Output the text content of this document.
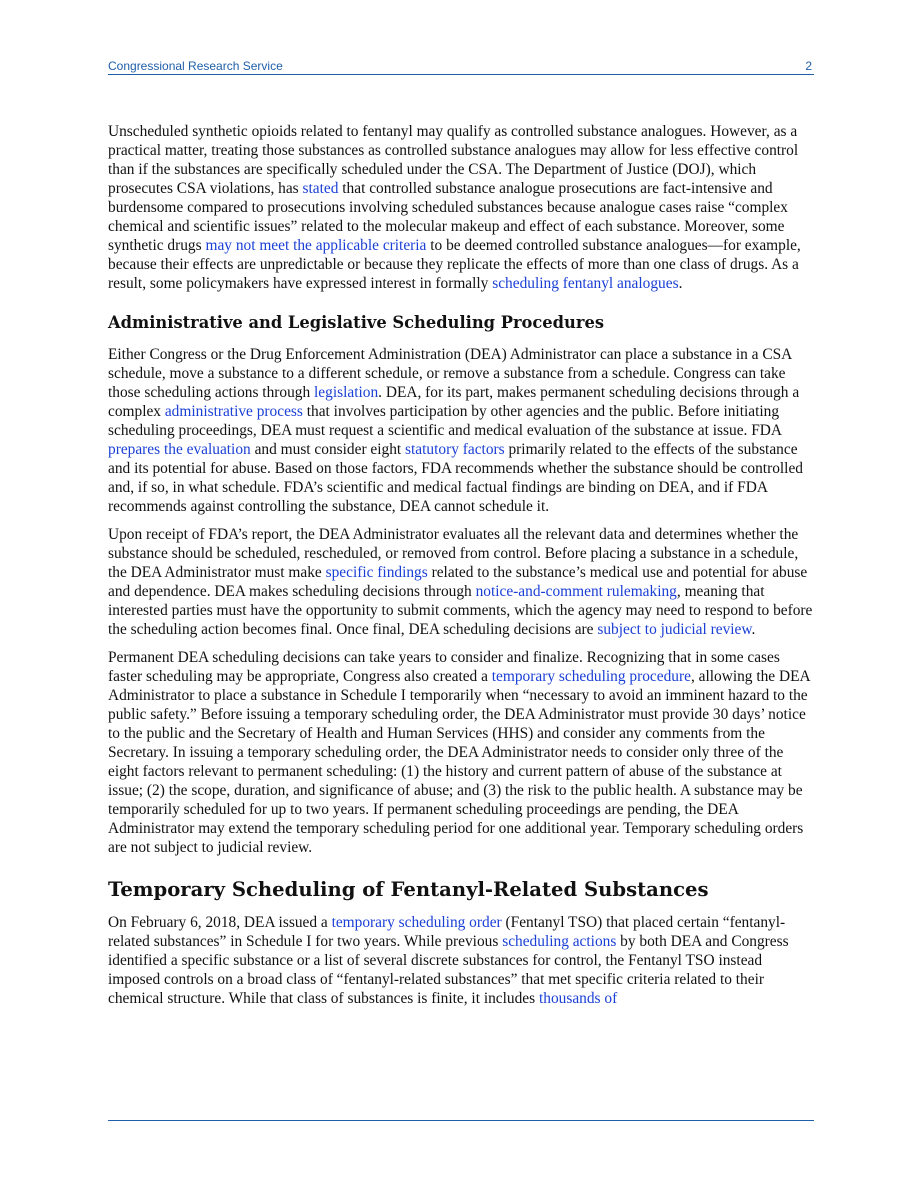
Congressional Research Service	2

Unscheduled synthetic opioids related to fentanyl may qualify as controlled substance analogues. However, as a practical matter, treating those substances as controlled substance analogues may allow for less effective control than if the substances are specifically scheduled under the CSA. The Department of Justice (DOJ), which prosecutes CSA violations, has stated that controlled substance analogue prosecutions are fact-intensive and burdensome compared to prosecutions involving scheduled substances because analogue cases raise “complex chemical and scientific issues” related to the molecular makeup and effect of each substance. Moreover, some synthetic drugs may not meet the applicable criteria to be deemed controlled substance analogues—for example, because their effects are unpredictable or because they replicate the effects of more than one class of drugs. As a result, some policymakers have expressed interest in formally scheduling fentanyl analogues.

Administrative and Legislative Scheduling Procedures

Either Congress or the Drug Enforcement Administration (DEA) Administrator can place a substance in a CSA schedule, move a substance to a different schedule, or remove a substance from a schedule. Congress can take those scheduling actions through legislation. DEA, for its part, makes permanent scheduling decisions through a complex administrative process that involves participation by other agencies and the public. Before initiating scheduling proceedings, DEA must request a scientific and medical evaluation of the substance at issue. FDA prepares the evaluation and must consider eight statutory factors primarily related to the effects of the substance and its potential for abuse. Based on those factors, FDA recommends whether the substance should be controlled and, if so, in what schedule. FDA’s scientific and medical factual findings are binding on DEA, and if FDA recommends against controlling the substance, DEA cannot schedule it.

Upon receipt of FDA’s report, the DEA Administrator evaluates all the relevant data and determines whether the substance should be scheduled, rescheduled, or removed from control. Before placing a substance in a schedule, the DEA Administrator must make specific findings related to the substance’s medical use and potential for abuse and dependence. DEA makes scheduling decisions through notice-and-comment rulemaking, meaning that interested parties must have the opportunity to submit comments, which the agency may need to respond to before the scheduling action becomes final. Once final, DEA scheduling decisions are subject to judicial review.

Permanent DEA scheduling decisions can take years to consider and finalize. Recognizing that in some cases faster scheduling may be appropriate, Congress also created a temporary scheduling procedure, allowing the DEA Administrator to place a substance in Schedule I temporarily when “necessary to avoid an imminent hazard to the public safety.” Before issuing a temporary scheduling order, the DEA Administrator must provide 30 days’ notice to the public and the Secretary of Health and Human Services (HHS) and consider any comments from the Secretary. In issuing a temporary scheduling order, the DEA Administrator needs to consider only three of the eight factors relevant to permanent scheduling: (1) the history and current pattern of abuse of the substance at issue; (2) the scope, duration, and significance of abuse; and (3) the risk to the public health. A substance may be temporarily scheduled for up to two years. If permanent scheduling proceedings are pending, the DEA Administrator may extend the temporary scheduling period for one additional year. Temporary scheduling orders are not subject to judicial review.

Temporary Scheduling of Fentanyl-Related Substances

On February 6, 2018, DEA issued a temporary scheduling order (Fentanyl TSO) that placed certain “fentanyl-related substances” in Schedule I for two years. While previous scheduling actions by both DEA and Congress identified a specific substance or a list of several discrete substances for control, the Fentanyl TSO instead imposed controls on a broad class of “fentanyl-related substances” that met specific criteria related to their chemical structure. While that class of substances is finite, it includes thousands of
